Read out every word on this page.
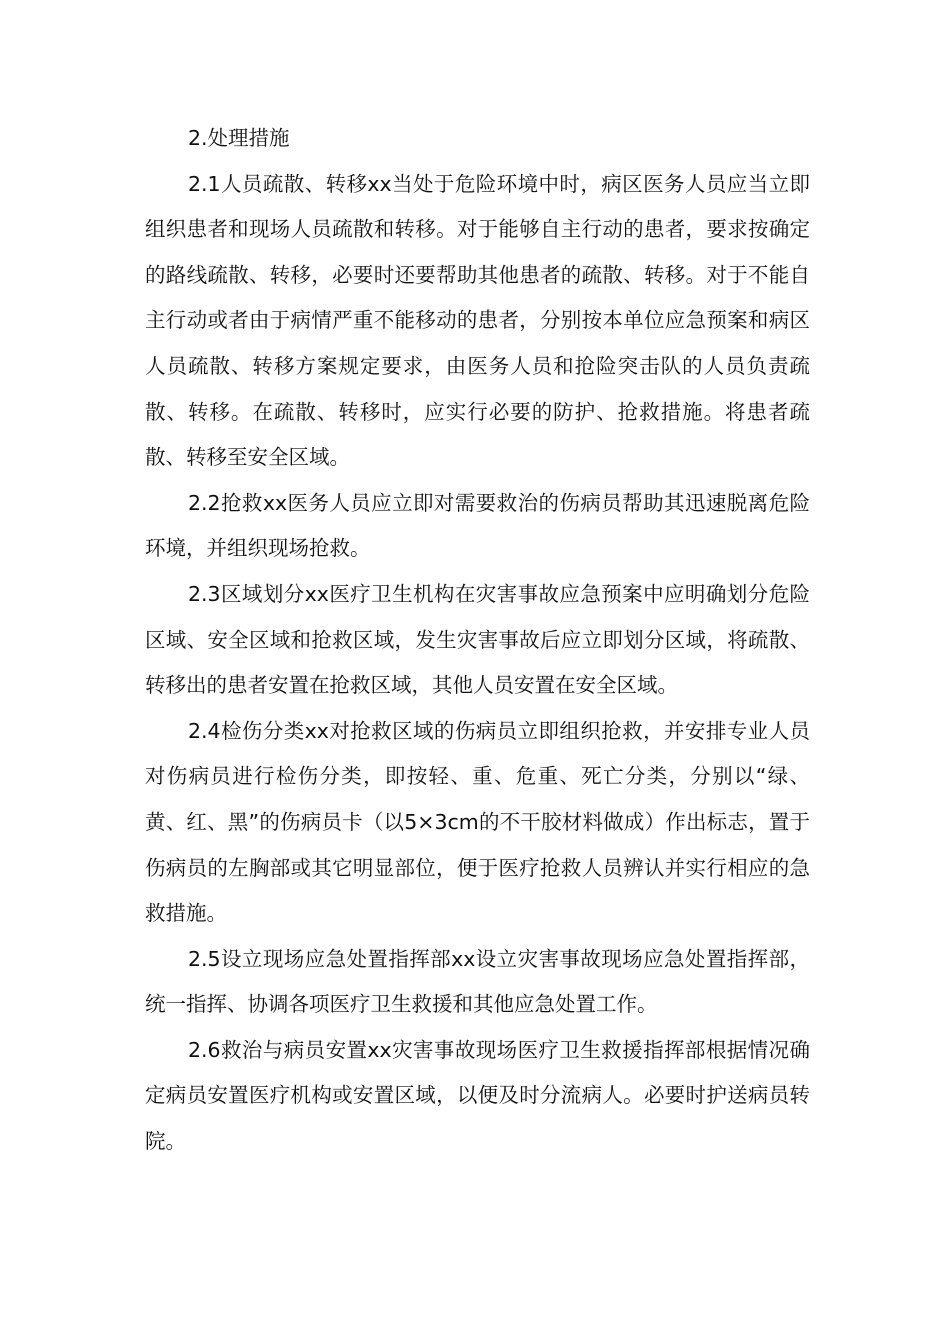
2.处理措施

2.1人员疏散、转移xx当处于危险环境中时，病区医务人员应当立即组织患者和现场人员疏散和转移。对于能够自主行动的患者，要求按确定的路线疏散、转移，必要时还要帮助其他患者的疏散、转移。对于不能自主行动或者由于病情严重不能移动的患者，分别按本单位应急预案和病区人员疏散、转移方案规定要求，由医务人员和抢险突击队的人员负责疏散、转移。在疏散、转移时，应实行必要的防护、抢救措施。将患者疏散、转移至安全区域。

2.2抢救xx医务人员应立即对需要救治的伤病员帮助其迅速脱离危险环境，并组织现场抢救。

2.3区域划分xx医疗卫生机构在灾害事故应急预案中应明确划分危险区域、安全区域和抢救区域，发生灾害事故后应立即划分区域，将疏散、转移出的患者安置在抢救区域，其他人员安置在安全区域。

2.4检伤分类xx对抢救区域的伤病员立即组织抢救，并安排专业人员对伤病员进行检伤分类，即按轻、重、危重、死亡分类，分别以“绿、黄、红、黑”的伤病员卡（以5×3cm的不干胶材料做成）作出标志，置于伤病员的左胸部或其它明显部位，便于医疗抢救人员辨认并实行相应的急救措施。

2.5设立现场应急处置指挥部xx设立灾害事故现场应急处置指挥部，统一指挥、协调各项医疗卫生救援和其他应急处置工作。

2.6救治与病员安置xx灾害事故现场医疗卫生救援指挥部根据情况确定病员安置医疗机构或安置区域，以便及时分流病人。必要时护送病员转院。
